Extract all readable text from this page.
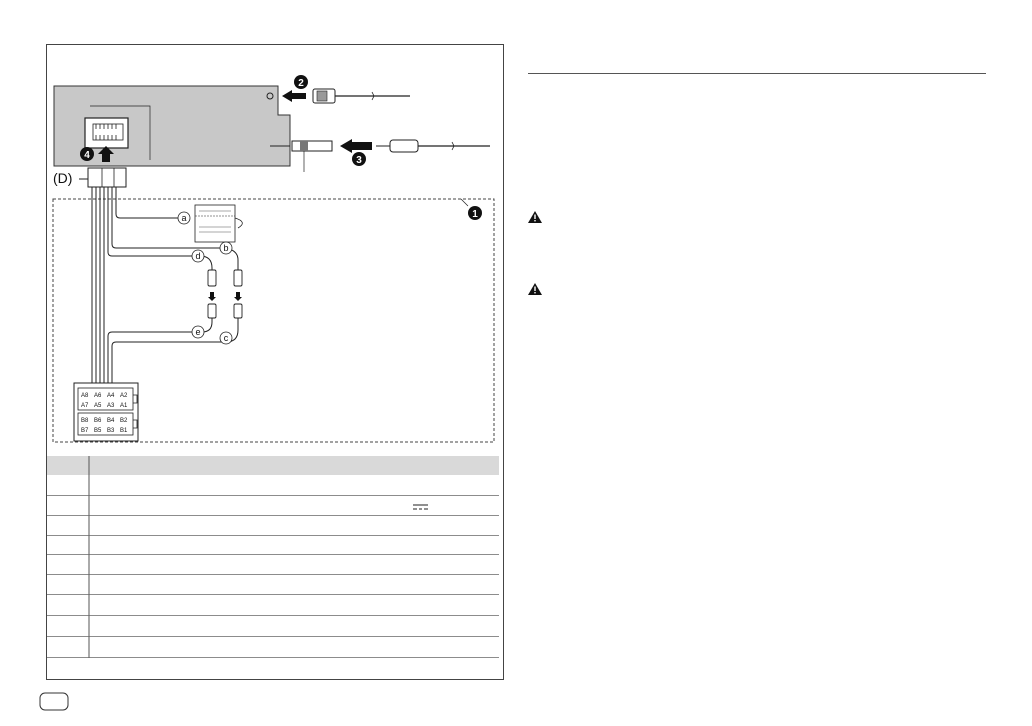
4
2
3
(D)
1
a
b
c
d
e
A8 A6 A4 A2
A7 A5 A3 A1
B8 B6 B4 B2
B7 B5 B3 B1
